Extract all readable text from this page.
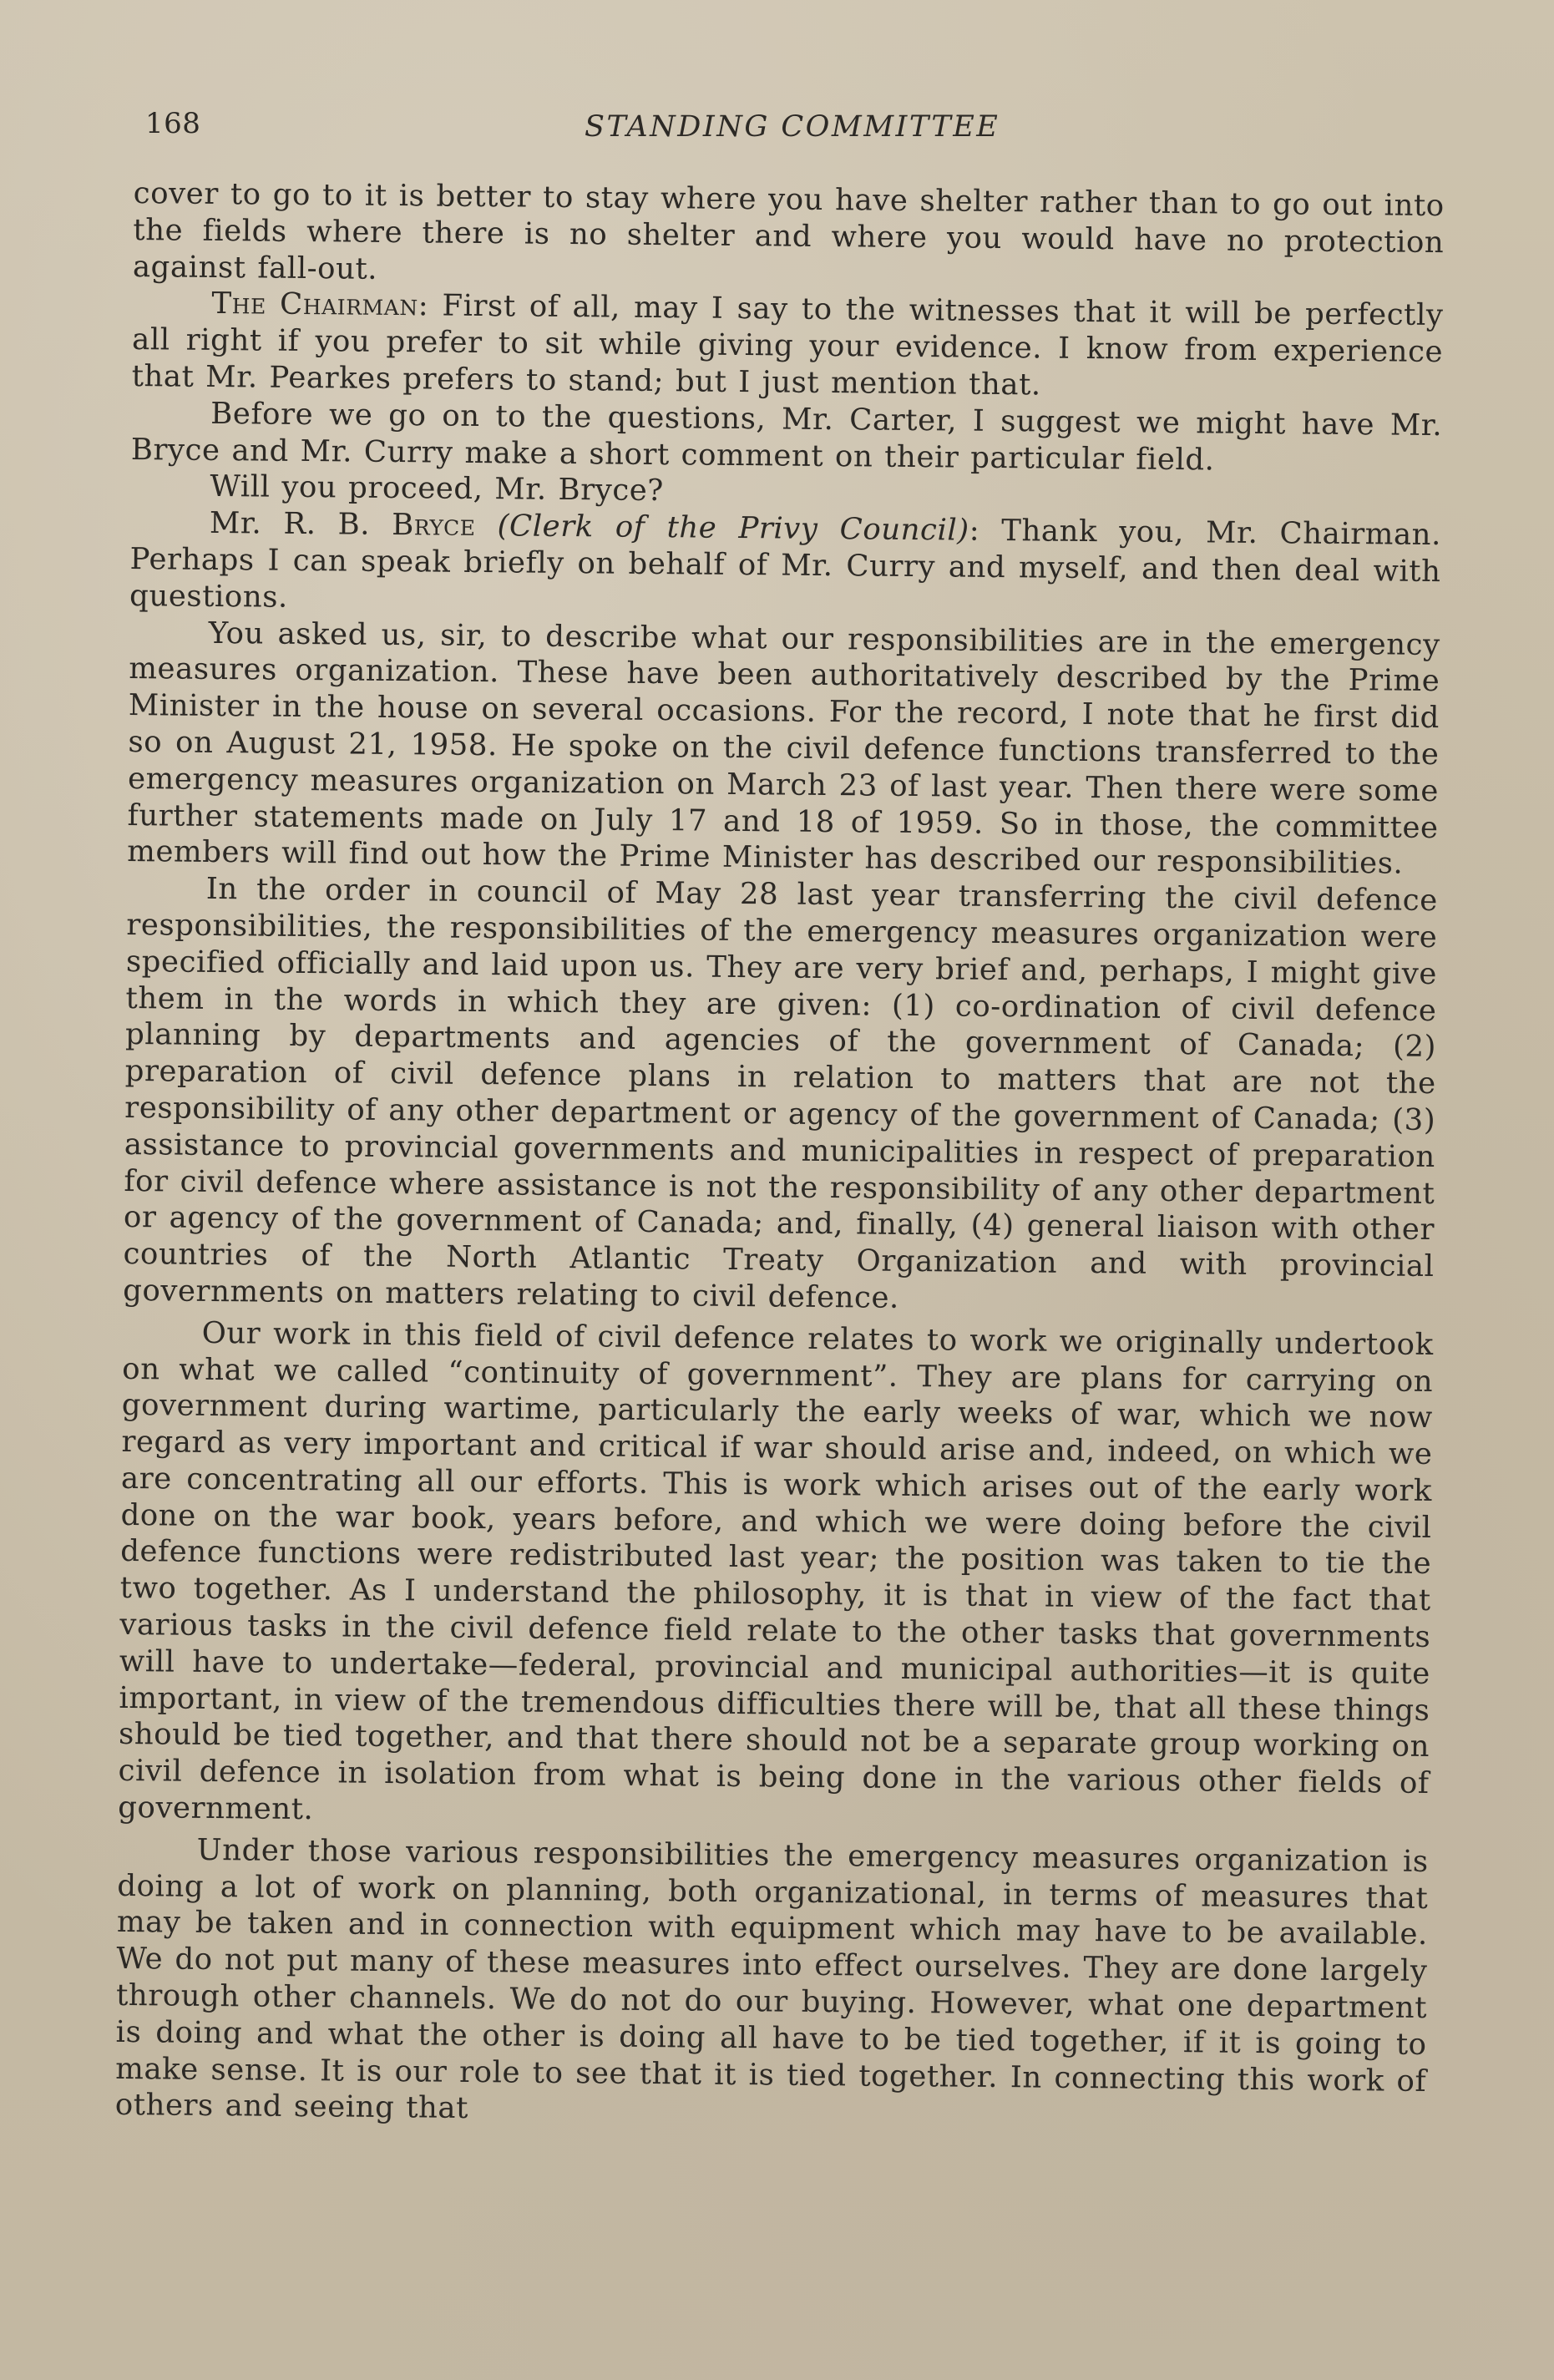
168	STANDING COMMITTEE

cover to go to it is better to stay where you have shelter rather than to go out into the fields where there is no shelter and where you would have no protection against fall-out.

The Chairman: First of all, may I say to the witnesses that it will be perfectly all right if you prefer to sit while giving your evidence. I know from experience that Mr. Pearkes prefers to stand; but I just mention that.

Before we go on to the questions, Mr. Carter, I suggest we might have Mr. Bryce and Mr. Curry make a short comment on their particular field.

Will you proceed, Mr. Bryce?

Mr. R. B. Bryce (Clerk of the Privy Council): Thank you, Mr. Chairman. Perhaps I can speak briefly on behalf of Mr. Curry and myself, and then deal with questions.

You asked us, sir, to describe what our responsibilities are in the emergency measures organization. These have been authoritatively described by the Prime Minister in the house on several occasions. For the record, I note that he first did so on August 21, 1958. He spoke on the civil defence functions transferred to the emergency measures organization on March 23 of last year. Then there were some further statements made on July 17 and 18 of 1959. So in those, the committee members will find out how the Prime Minister has described our responsibilities.

In the order in council of May 28 last year transferring the civil defence responsibilities, the responsibilities of the emergency measures organization were specified officially and laid upon us. They are very brief and, perhaps, I might give them in the words in which they are given: (1) co-ordination of civil defence planning by departments and agencies of the government of Canada; (2) preparation of civil defence plans in relation to matters that are not the responsibility of any other department or agency of the government of Canada; (3) assistance to provincial governments and municipalities in respect of preparation for civil defence where assistance is not the responsibility of any other department or agency of the government of Canada; and, finally, (4) general liaison with other countries of the North Atlantic Treaty Organization and with provincial governments on matters relating to civil defence.

Our work in this field of civil defence relates to work we originally undertook on what we called “continuity of government”. They are plans for carrying on government during wartime, particularly the early weeks of war, which we now regard as very important and critical if war should arise and, indeed, on which we are concentrating all our efforts. This is work which arises out of the early work done on the war book, years before, and which we were doing before the civil defence functions were redistributed last year; the position was taken to tie the two together. As I understand the philosophy, it is that in view of the fact that various tasks in the civil defence field relate to the other tasks that governments will have to undertake—federal, provincial and municipal authorities—it is quite important, in view of the tremendous difficulties there will be, that all these things should be tied together, and that there should not be a separate group working on civil defence in isolation from what is being done in the various other fields of government.

Under those various responsibilities the emergency measures organization is doing a lot of work on planning, both organizational, in terms of measures that may be taken and in connection with equipment which may have to be available. We do not put many of these measures into effect ourselves. They are done largely through other channels. We do not do our buying. However, what one department is doing and what the other is doing all have to be tied together, if it is going to make sense. It is our role to see that it is tied together. In connecting this work of others and seeing that
